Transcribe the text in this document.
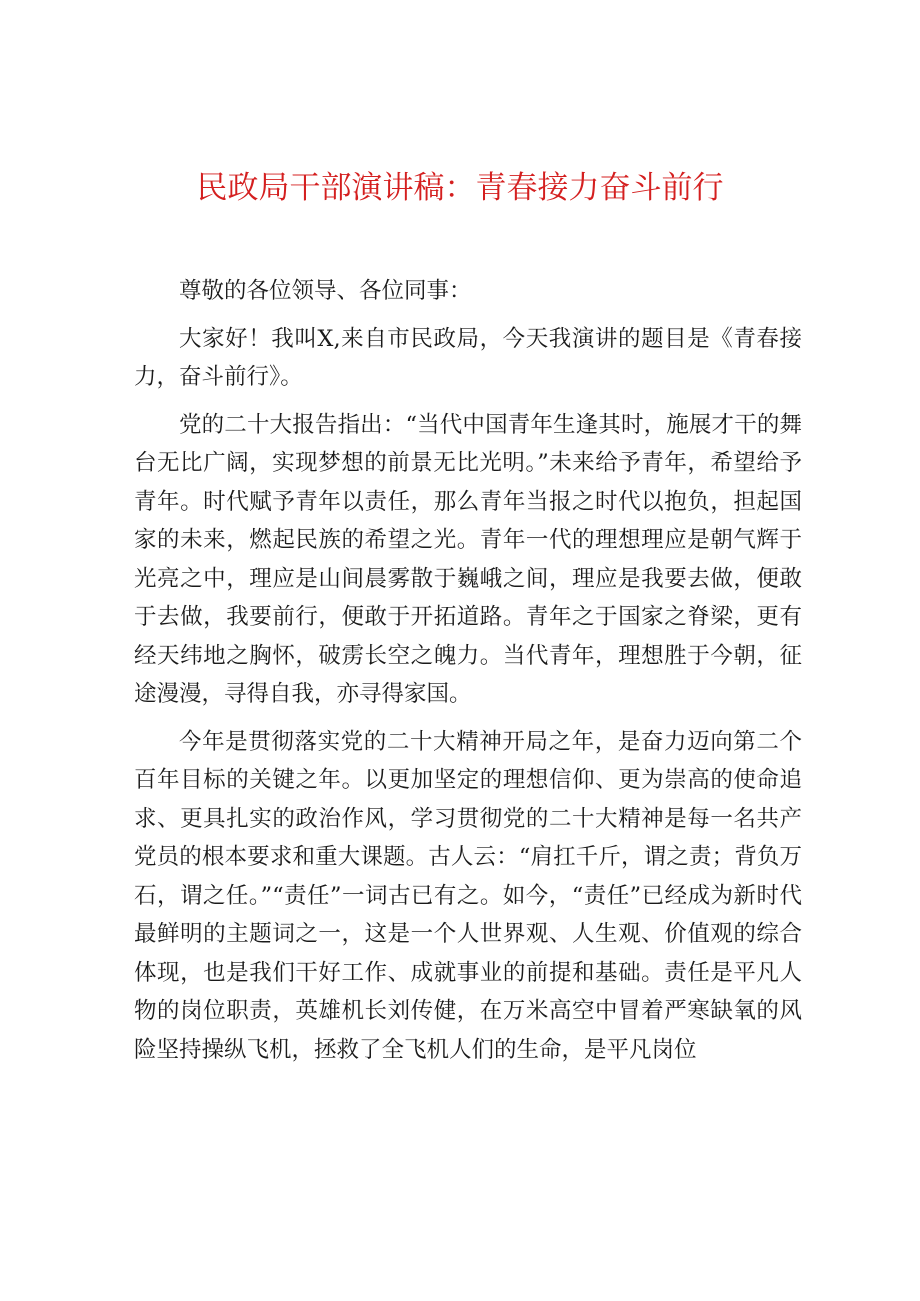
民政局干部演讲稿：青春接力奋斗前行

尊敬的各位领导、各位同事：

大家好！我叫X,来自市民政局，今天我演讲的题目是《青春接力，奋斗前行》。

党的二十大报告指出：“当代中国青年生逢其时，施展才干的舞台无比广阔，实现梦想的前景无比光明。”未来给予青年，希望给予青年。时代赋予青年以责任，那么青年当报之时代以抱负，担起国家的未来，燃起民族的希望之光。青年一代的理想理应是朝气辉于光亮之中，理应是山间晨雾散于巍峨之间，理应是我要去做，便敢于去做，我要前行，便敢于开拓道路。青年之于国家之脊梁，更有经天纬地之胸怀，破雳长空之魄力。当代青年，理想胜于今朝，征途漫漫，寻得自我，亦寻得家国。

今年是贯彻落实党的二十大精神开局之年，是奋力迈向第二个百年目标的关键之年。以更加坚定的理想信仰、更为崇高的使命追求、更具扎实的政治作风，学习贯彻党的二十大精神是每一名共产党员的根本要求和重大课题。古人云：“肩扛千斤，谓之责；背负万石，谓之任。”“责任”一词古已有之。如今，“责任”已经成为新时代最鲜明的主题词之一，这是一个人世界观、人生观、价值观的综合体现，也是我们干好工作、成就事业的前提和基础。责任是平凡人物的岗位职责，英雄机长刘传健，在万米高空中冒着严寒缺氧的风险坚持操纵飞机，拯救了全飞机人们的生命，是平凡岗位
